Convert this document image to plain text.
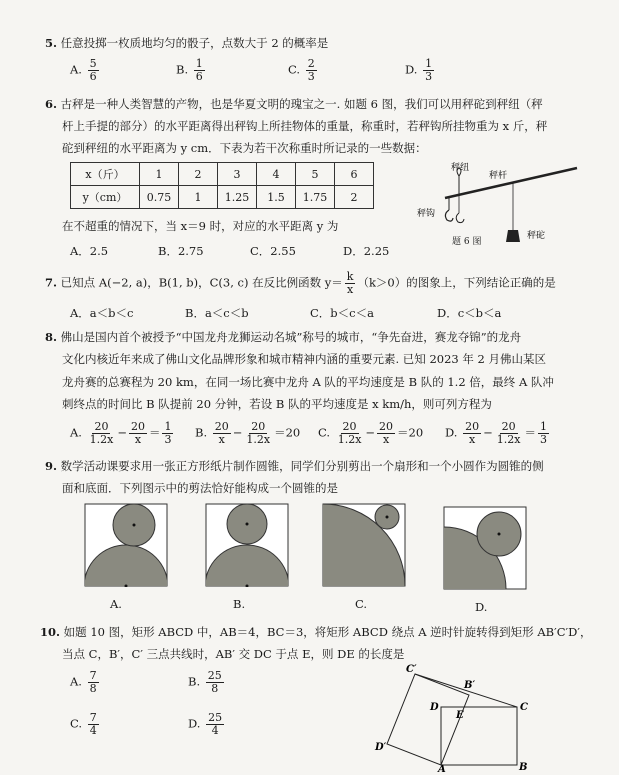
5. 任意投掷一枚质地均匀的骰子，点数大于 2 的概率是
A. $\frac{5}{6}$	B. $\frac{1}{6}$	C. $\frac{2}{3}$	D. $\frac{1}{3}$
6. 古秤是一种人类智慧的产物，也是华夏文明的瑰宝之一. 如题 6 图，我们可以用秤砣到秤纽（秤
杆上手提的部分）的水平距离得出秤钩上所挂物体的重量，称重时，若秤钩所挂物重为 x 斤，秤
砣到秤纽的水平距离为 y cm．下表为若干次称重时所记录的一些数据：
x（斤）	1	2	3	4	5	6
y（cm）	0.75	1	1.25	1.5	1.75	2
在不超重的情况下，当 x＝9 时，对应的水平距离 y 为
A．2.5	B．2.75	C．2.55	D．2.25
秤纽
秤杆
秤钩
秤砣
题 6 图
7. 已知点 A(−2, a)，B(1, b)，C(3, c) 在反比例函数 $y= \frac{k}{x} (k>0)$的图象上，下列结论正确的是
A．a＜b＜c	B．a＜c＜b	C．b＜c＜a	D．c＜b＜a
8. 佛山是国内首个被授予“中国龙舟龙狮运动名城”称号的城市，“争先奋进，赛龙夺锦”的龙舟
文化内核近年来成了佛山文化品牌形象和城市精神内涵的重要元素. 已知 2023 年 2 月佛山某区
龙舟赛的总赛程为 20 km，在同一场比赛中龙舟 A 队的平均速度是 B 队的 1.2 倍，最终 A 队冲
刺终点的时间比 B 队提前 20 分钟，若设 B 队的平均速度是 x km/h，则可列方程为
A. $\frac{20}{1.2x} - \frac{20}{x} = \frac{1}{3} B$. $\frac{20}{x} - \frac{20}{1.2x} =20$ C. $\frac{20}{1.2x} - \frac{20}{x} =20$ D. $\frac{20}{x} - \frac{20}{1.2x} = \frac{1}{3}$
9. 数学活动课要求用一张正方形纸片制作圆锥，同学们分别剪出一个扇形和一个小圆作为圆锥的侧
面和底面．下列图示中的剪法恰好能构成一个圆锥的是
A.	B.	C.	D.
10. 如题 10 图，矩形 ABCD 中，AB＝4，BC＝3，将矩形 ABCD 绕点 A 逆时针旋转得到矩形 AB′C′D′，
当点 C，B′，C′ 三点共线时，AB′ 交 DC 于点 E，则 DE 的长度是
A. $\frac{7}{8}$	B. $\frac{25}{8}$
C. $\frac{7}{4}$	D. $\frac{25}{4}$
C′
B′
D
E
C
D′
A	B
